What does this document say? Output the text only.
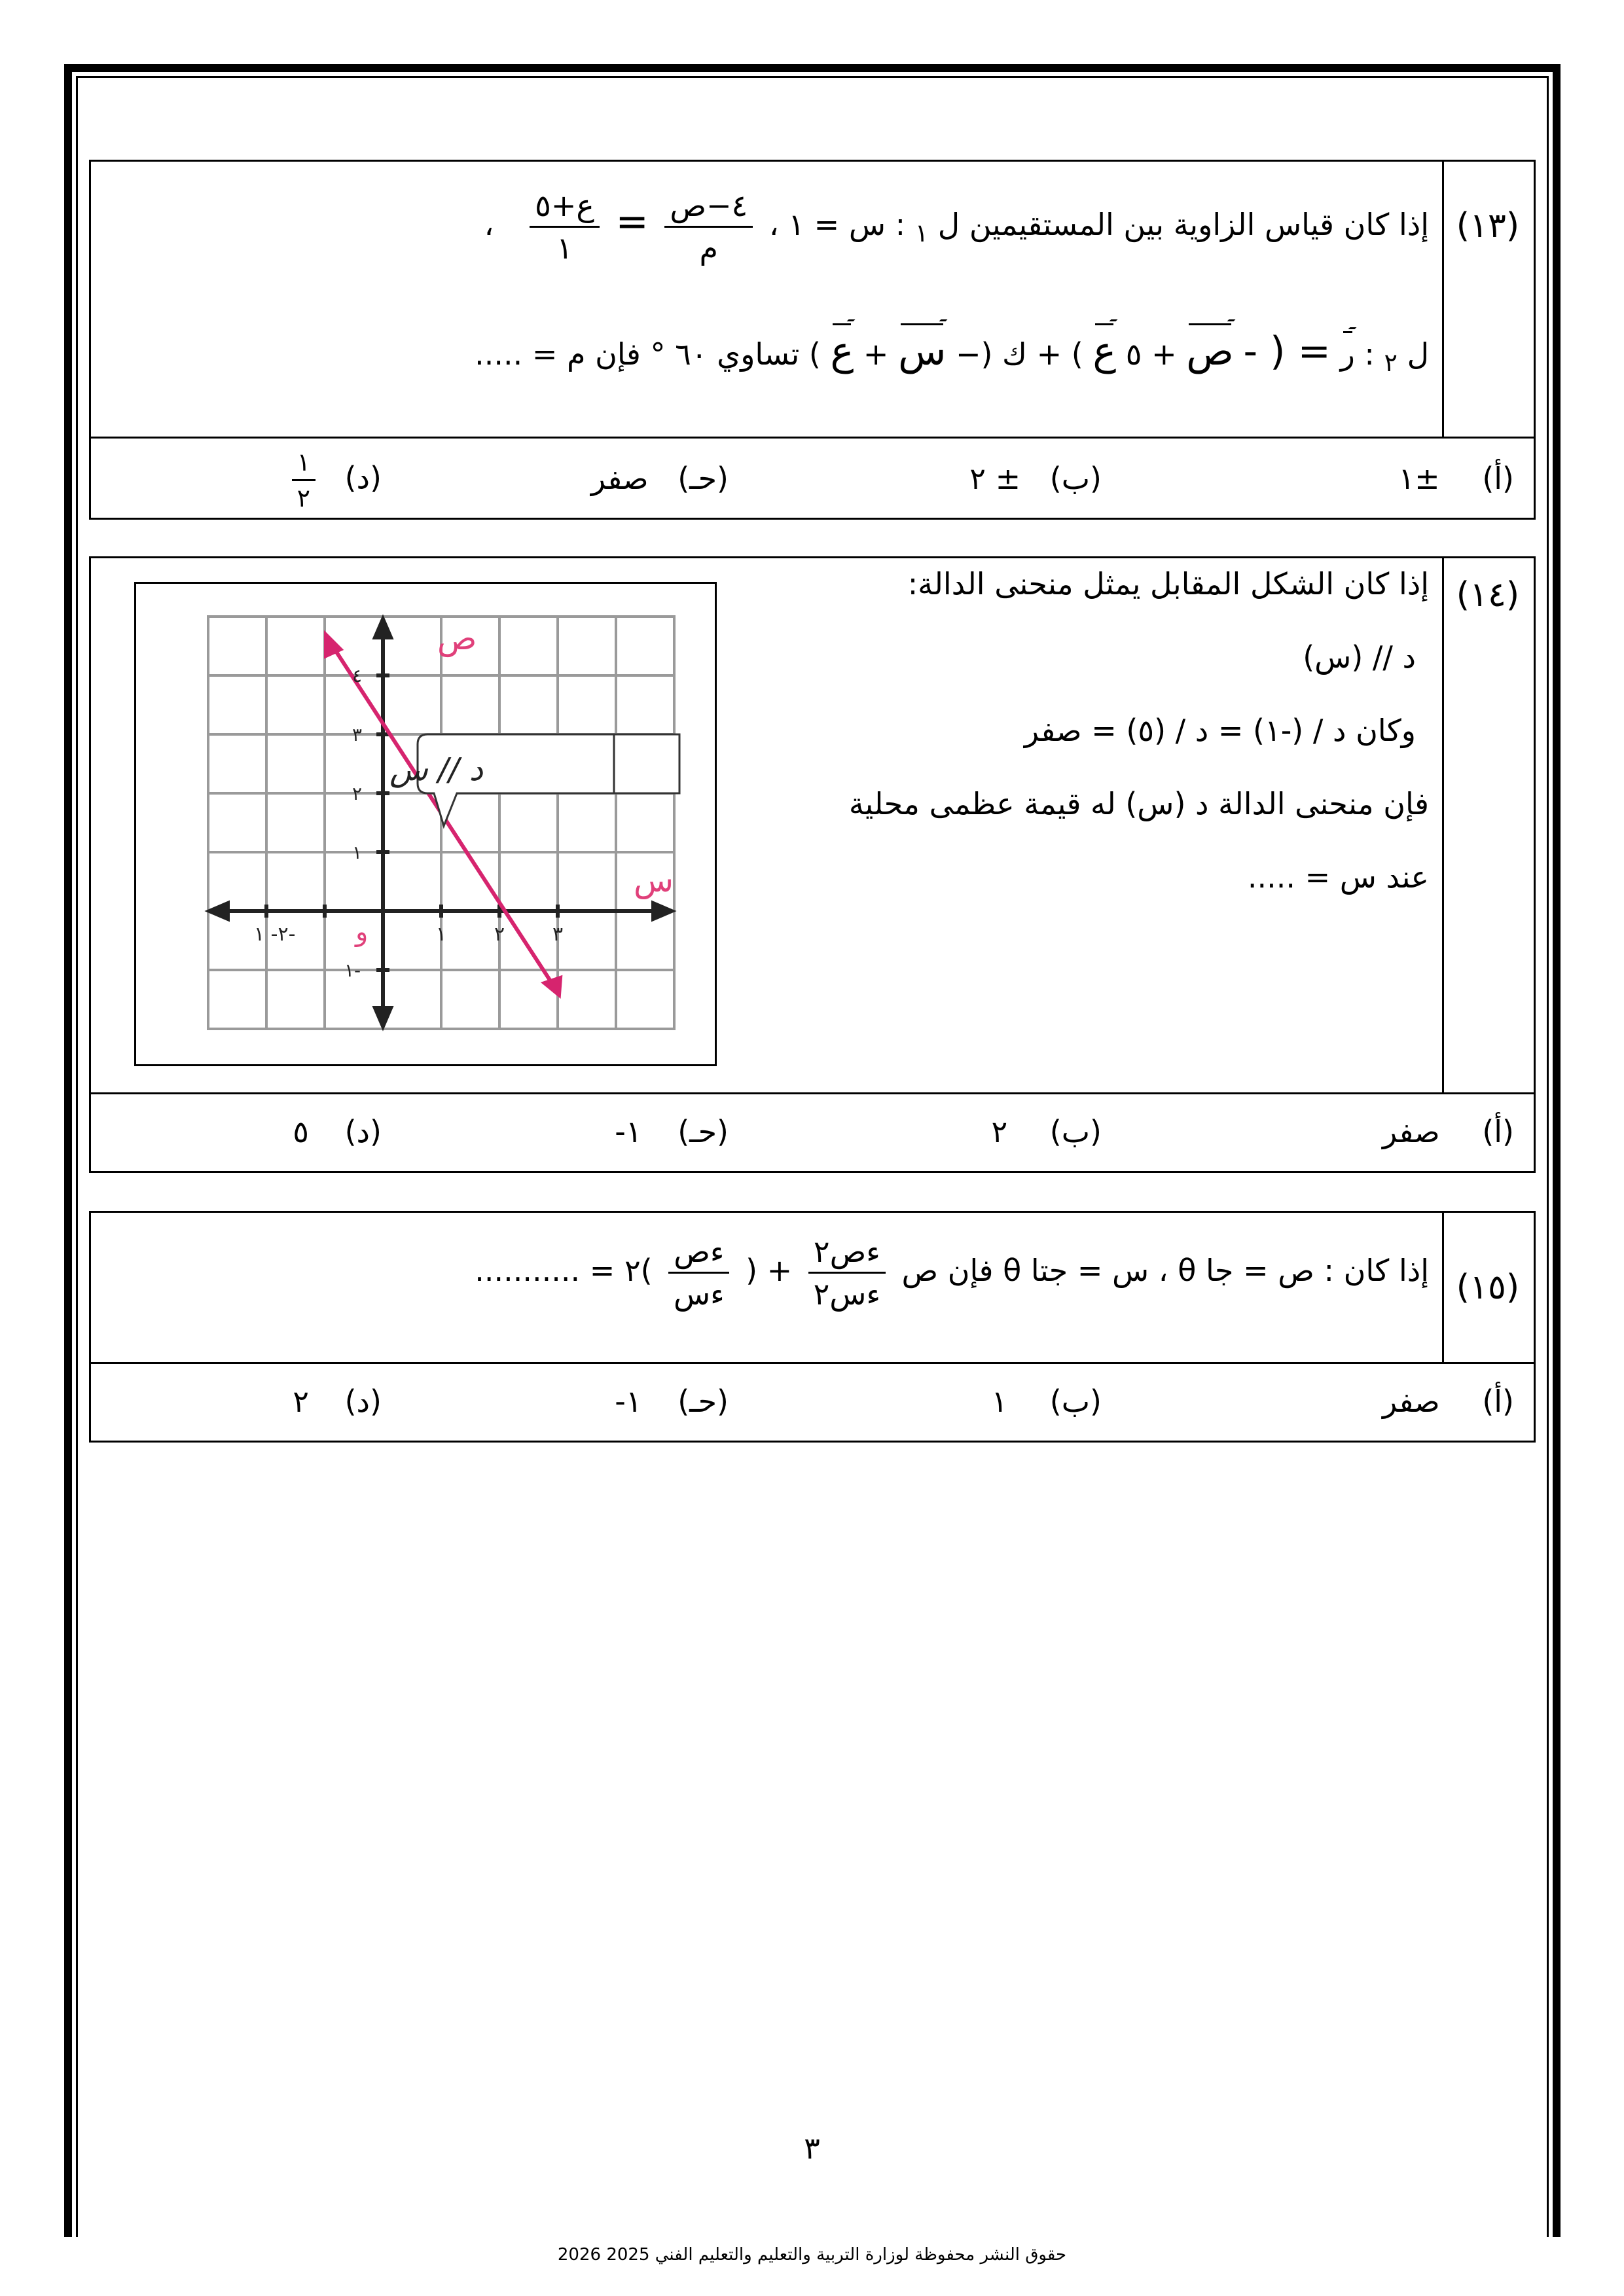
(١٣)
إذا كان قياس الزاوية بين المستقيمين ل $_١$ : س = ١ ،
$\frac{\text{٤−ص}}{\text{م}}$
=
$\frac{\text{ع+٥}}{١}$
،
ل $_٢$ : ر = ( - ص + ٥ ع ) + ك (− س + ع ) تساوي ٦٠ ° فإن م = .....
(أ) ±١
(ب) ± ٢
(حـ) صفر
(د)
$\frac{١}{٢}$
(١٤)
إذا كان الشكل المقابل يمثل منحنى الدالة:
د // (س)
وكان د / (-١) = د / (٥) = صفر
فإن منحنى الدالة د (س) له قيمة عظمى محلية
عند س = .....
د // س
ص
س
و	١ ٢ ٣
٢- ١-
٤
٣
٢
١
١-
(أ) صفر
(ب) ٢
(حـ) ١-
(د) ٥
(١٥)
إذا كان : ص = جا θ ، س = جتا θ فإن ص
$\frac{\text{ءص٢}}{\text{ءس٢}}$
+ (
$\frac{\text{ءص}}{\text{ءس}}$
)٢ = ...........
(أ) صفر
(ب) ١
(حـ) ١-
(د) ٢
٣
حقوق النشر محفوظة لوزارة التربية والتعليم والتعليم الفني 2025 2026
